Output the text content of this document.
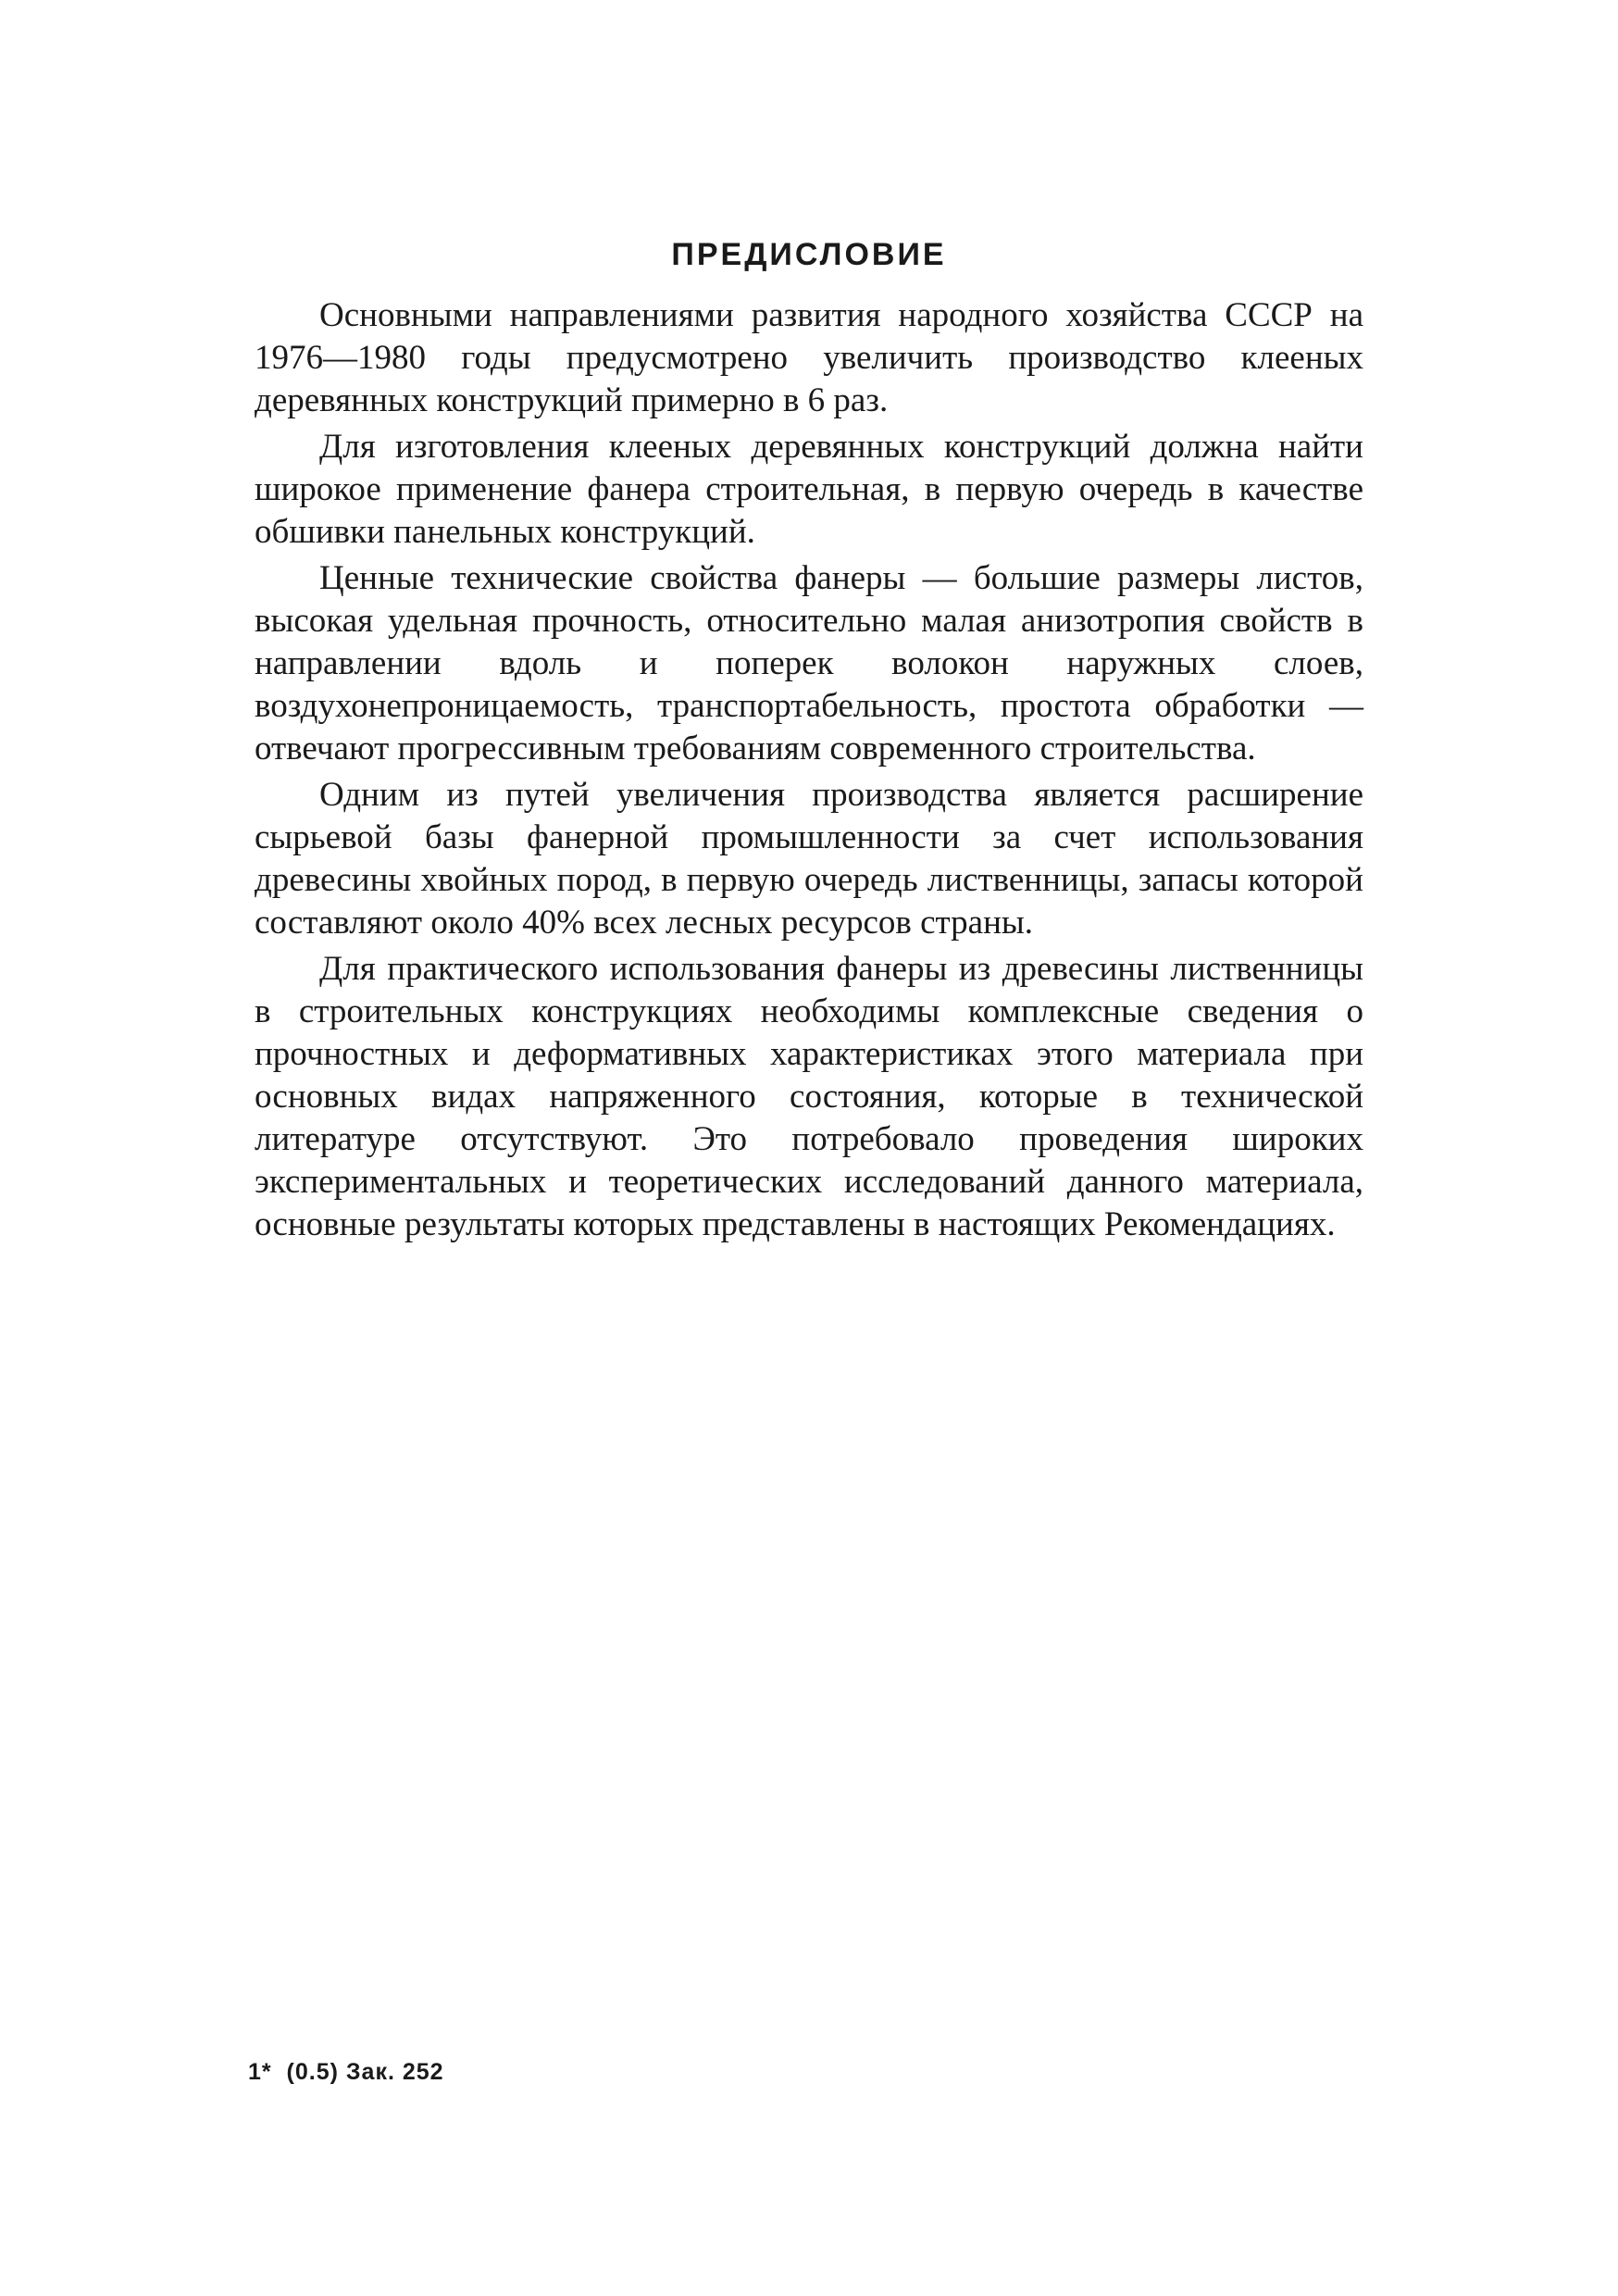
ПРЕДИСЛОВИЕ

Основными направлениями развития народного хозяйства СССР на 1976—1980 годы предусмотрено увеличить производство клееных деревянных конструкций примерно в 6 раз.

Для изготовления клееных деревянных конструкций должна найти широкое применение фанера строительная, в первую очередь в качестве обшивки панельных конструкций.

Ценные технические свойства фанеры — большие размеры листов, высокая удельная прочность, относительно малая анизотропия свойств в направлении вдоль и поперек волокон наружных слоев, воздухонепроницаемость, транспортабельность, простота обработки — отвечают прогрессивным требованиям современного строительства.

Одним из путей увеличения производства является расширение сырьевой базы фанерной промышленности за счет использования древесины хвойных пород, в первую очередь лиственницы, запасы которой составляют около 40% всех лесных ресурсов страны.

Для практического использования фанеры из древесины лиственницы в строительных конструкциях необходимы комплексные сведения о прочностных и деформативных характеристиках этого материала при основных видах напряженного состояния, которые в технической литературе отсутствуют. Это потребовало проведения широких экспериментальных и теоретических исследований данного материала, основные результаты которых представлены в настоящих Рекомендациях.

1*  (0.5) Зак. 252
